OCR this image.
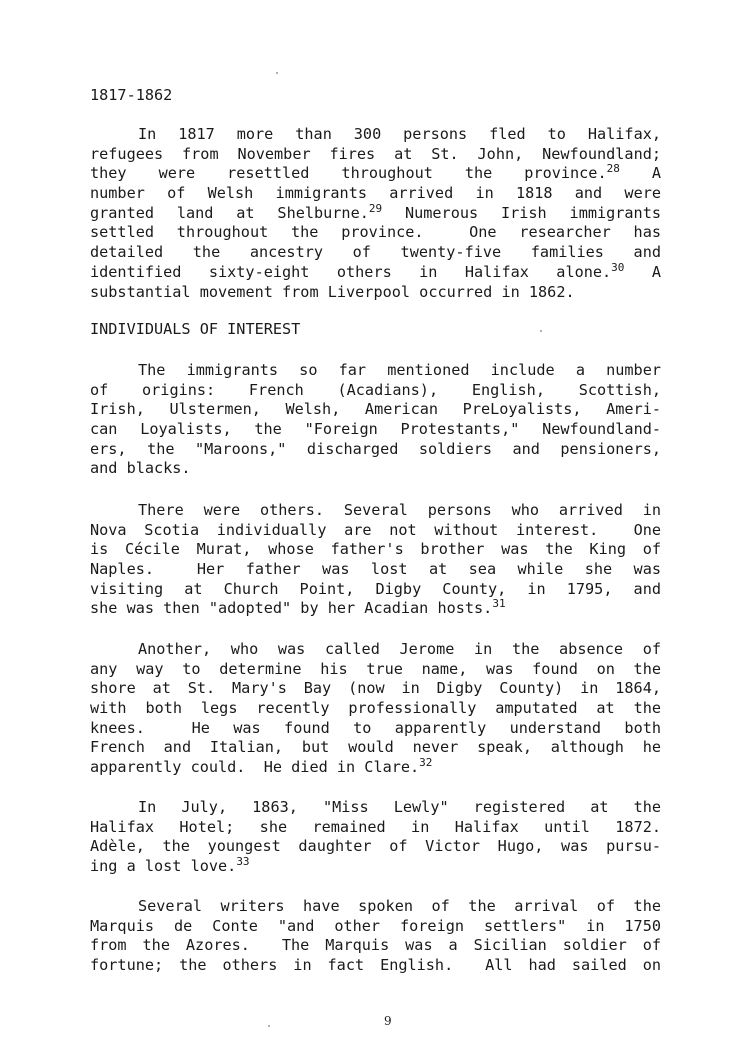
1817-1862
In 1817 more than 300 persons fled to Halifax,
refugees from November fires at St. John, Newfoundland;
they were resettled throughout the province.$^{28}$ A
number of Welsh immigrants arrived in 1818 and were
granted land at Shelburne.$^{29}$ Numerous Irish immigrants
settled throughout the province.  One researcher has
detailed the ancestry of twenty-five families and
identified sixty-eight others in Halifax alone.$^{30}$ A
substantial movement from Liverpool occurred in 1862.
INDIVIDUALS OF INTEREST
The immigrants so far mentioned include a number
of origins: French (Acadians), English, Scottish,
Irish, Ulstermen, Welsh, American PreLoyalists, Ameri-
can Loyalists, the "Foreign Protestants," Newfoundland-
ers, the "Maroons," discharged soldiers and pensioners,
and blacks.
There were others. Several persons who arrived in
Nova Scotia individually are not without interest.  One
is Cécile Murat, whose father's brother was the King of
Naples.  Her father was lost at sea while she was
visiting at Church Point, Digby County, in 1795, and
she was then "adopted" by her Acadian hosts.$^{31}$
Another, who was called Jerome in the absence of
any way to determine his true name, was found on the
shore at St. Mary's Bay (now in Digby County) in 1864,
with both legs recently professionally amputated at the
knees.  He was found to apparently understand both
French and Italian, but would never speak, although he
apparently could.  He died in Clare.$^{32}$
In July, 1863, "Miss Lewly" registered at the
Halifax Hotel; she remained in Halifax until 1872.
Adèle, the youngest daughter of Victor Hugo, was pursu-
ing a lost love.$^{33}$
Several writers have spoken of the arrival of the
Marquis de Conte "and other foreign settlers" in 1750
from the Azores.  The Marquis was a Sicilian soldier of
fortune; the others in fact English.  All had sailed on
9
